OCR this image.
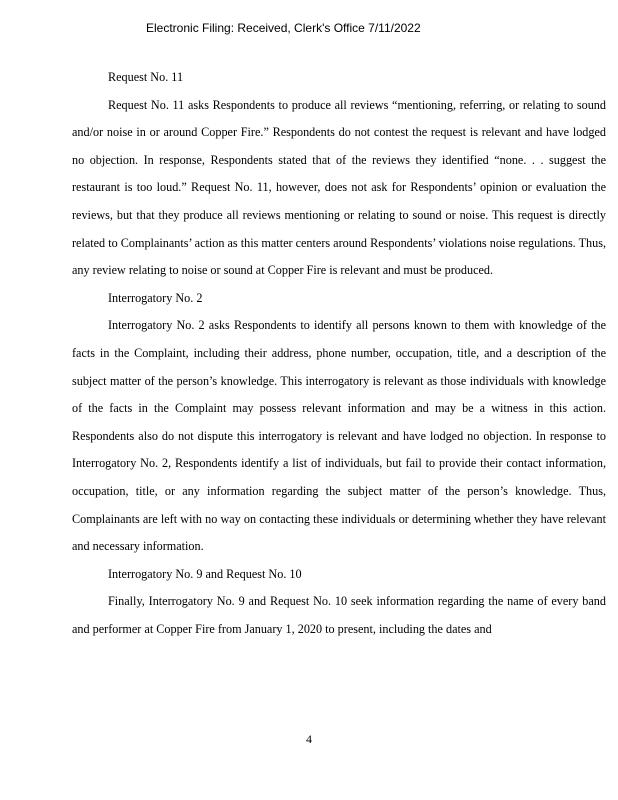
Electronic Filing: Received, Clerk's Office 7/11/2022

Request No. 11

Request No. 11 asks Respondents to produce all reviews “mentioning, referring, or relating to sound and/or noise in or around Copper Fire.” Respondents do not contest the request is relevant and have lodged no objection. In response, Respondents stated that of the reviews they identified “none. . . suggest the restaurant is too loud.” Request No. 11, however, does not ask for Respondents’ opinion or evaluation the reviews, but that they produce all reviews mentioning or relating to sound or noise. This request is directly related to Complainants’ action as this matter centers around Respondents’ violations noise regulations. Thus, any review relating to noise or sound at Copper Fire is relevant and must be produced.

Interrogatory No. 2

Interrogatory No. 2 asks Respondents to identify all persons known to them with knowledge of the facts in the Complaint, including their address, phone number, occupation, title, and a description of the subject matter of the person’s knowledge. This interrogatory is relevant as those individuals with knowledge of the facts in the Complaint may possess relevant information and may be a witness in this action. Respondents also do not dispute this interrogatory is relevant and have lodged no objection. In response to Interrogatory No. 2, Respondents identify a list of individuals, but fail to provide their contact information, occupation, title, or any information regarding the subject matter of the person’s knowledge. Thus, Complainants are left with no way on contacting these individuals or determining whether they have relevant and necessary information.

Interrogatory No. 9 and Request No. 10

Finally, Interrogatory No. 9 and Request No. 10 seek information regarding the name of every band and performer at Copper Fire from January 1, 2020 to present, including the dates and

4
